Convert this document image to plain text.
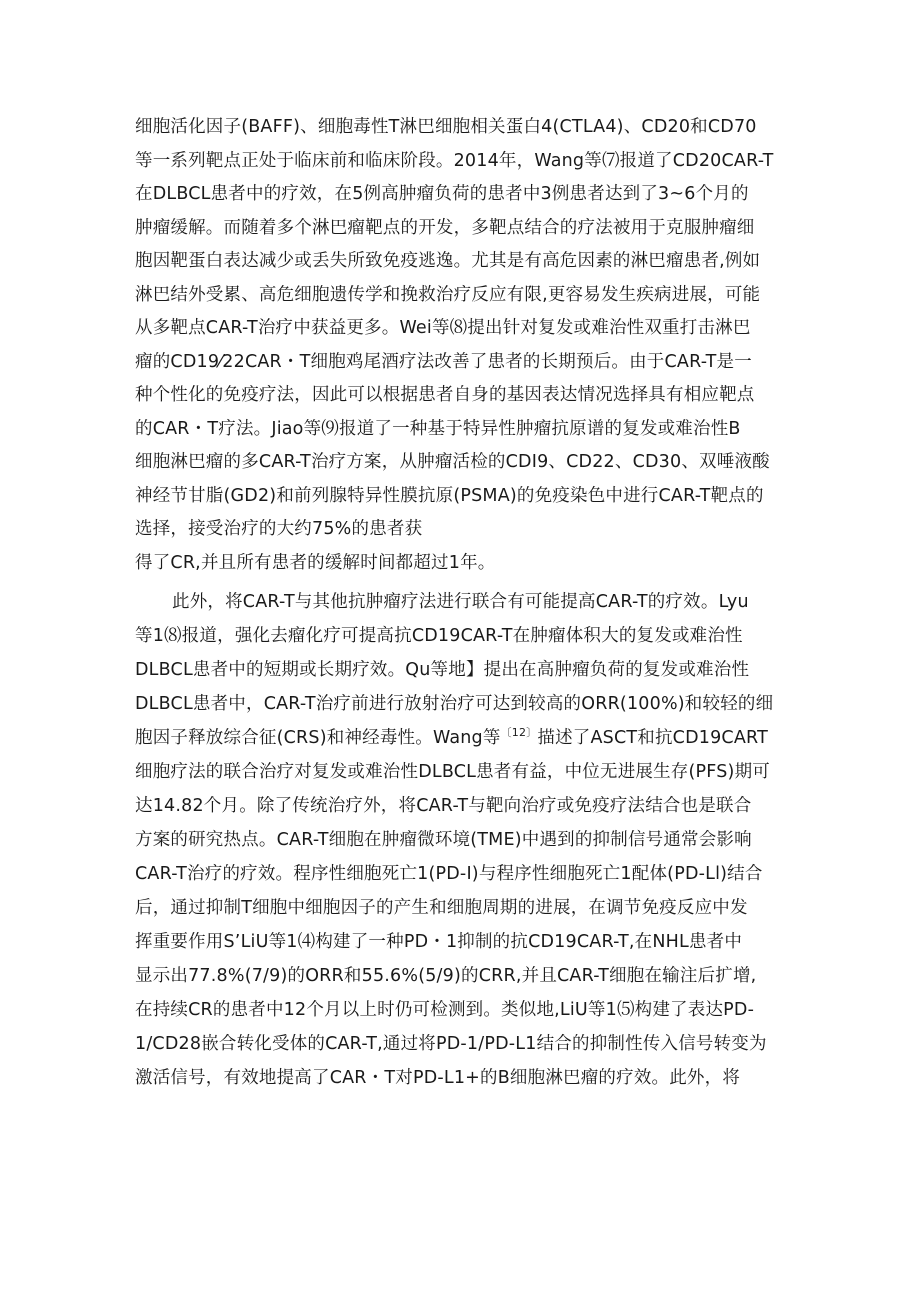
细胞活化因子(BAFF)、细胞毒性T淋巴细胞相关蛋白4(CTLA4)、CD20和CD70
等一系列靶点正处于临床前和临床阶段。2014年，Wang等⑺报道了CD20CAR-T
在DLBCL患者中的疗效，在5例高肿瘤负荷的患者中3例患者达到了3~6个月的
肿瘤缓解。而随着多个淋巴瘤靶点的开发，多靶点结合的疗法被用于克服肿瘤细
胞因靶蛋白表达减少或丢失所致免疫逃逸。尤其是有高危因素的淋巴瘤患者,例如
淋巴结外受累、高危细胞遗传学和挽救治疗反应有限,更容易发生疾病进展，可能
从多靶点CAR-T治疗中获益更多。Wei等⑻提出针对复发或难治性双重打击淋巴
瘤的CD19⁄22CAR・T细胞鸡尾酒疗法改善了患者的长期预后。由于CAR-T是一
种个性化的免疫疗法，因此可以根据患者自身的基因表达情况选择具有相应靶点
的CAR・T疗法。Jiao等⑼报道了一种基于特异性肿瘤抗原谱的复发或难治性B
细胞淋巴瘤的多CAR-T治疗方案，从肿瘤活检的CDI9、CD22、CD30、双唾液酸
神经节甘脂(GD2)和前列腺特异性膜抗原(PSMA)的免疫染色中进行CAR-T靶点的
选择，接受治疗的大约75%的患者获
得了CR,并且所有患者的缓解时间都超过1年。
此外，将CAR-T与其他抗肿瘤疗法进行联合有可能提高CAR-T的疗效。Lyu
等1⑻报道，强化去瘤化疗可提高抗CD19CAR-T在肿瘤体积大的复发或难治性
DLBCL患者中的短期或长期疗效。Qu等地】提出在高肿瘤负荷的复发或难治性
DLBCL患者中，CAR-T治疗前进行放射治疗可达到较高的ORR(100%)和较轻的细
胞因子释放综合征(CRS)和神经毒性。Wang等$^{〔12〕}$描述了ASCT和抗CD19CART
细胞疗法的联合治疗对复发或难治性DLBCL患者有益，中位无进展生存(PFS)期可
达14.82个月。除了传统治疗外，将CAR-T与靶向治疗或免疫疗法结合也是联合
方案的研究热点。CAR-T细胞在肿瘤微环境(TME)中遇到的抑制信号通常会影响
CAR-T治疗的疗效。程序性细胞死亡1(PD-I)与程序性细胞死亡1配体(PD-Ll)结合
后，通过抑制T细胞中细胞因子的产生和细胞周期的进展，在调节免疫反应中发
挥重要作用S’LiU等1⑷构建了一种PD・1抑制的抗CD19CAR-T,在NHL患者中
显示出77.8%(7/9)的ORR和55.6%(5/9)的CRR,并且CAR-T细胞在输注后扩增,
在持续CR的患者中12个月以上时仍可检测到。类似地,LiU等1⑸构建了表达PD-
1/CD28嵌合转化受体的CAR-T,通过将PD-1/PD-L1结合的抑制性传入信号转变为
激活信号，有效地提高了CAR・T对PD-L1+的B细胞淋巴瘤的疗效。此外，将
